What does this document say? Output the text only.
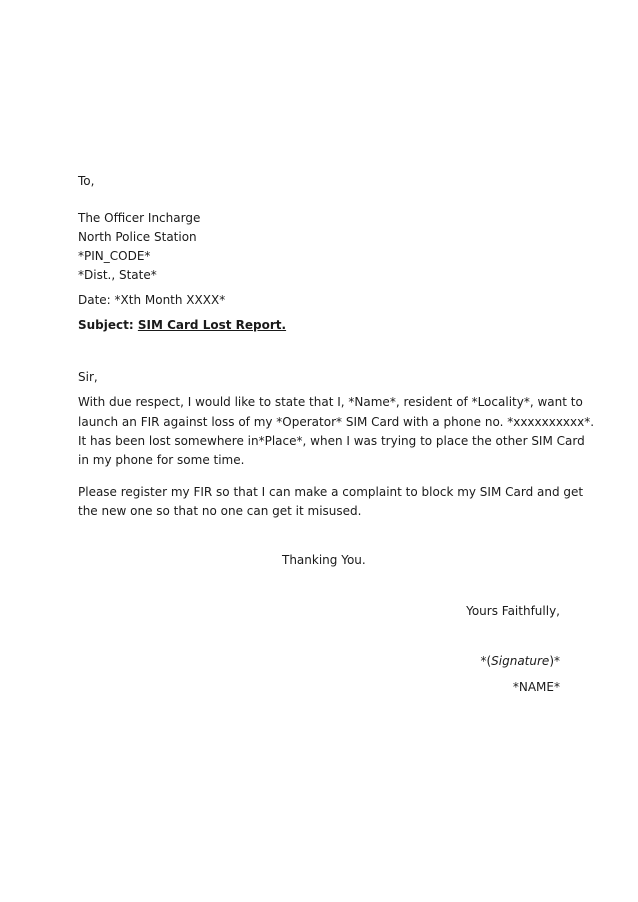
To,
The Officer Incharge
North Police Station
*PIN_CODE*
*Dist., State*
Date: *Xth Month XXXX*
Subject: SIM Card Lost Report.
Sir,
With due respect, I would like to state that I, *Name*, resident of *Locality*, want to
launch an FIR against loss of my *Operator* SIM Card with a phone no. *xxxxxxxxxx*.
It has been lost somewhere in*Place*, when I was trying to place the other SIM Card
in my phone for some time.
Please register my FIR so that I can make a complaint to block my SIM Card and get
the new one so that no one can get it misused.
Thanking You.
Yours Faithfully,
*(Signature)*
*NAME*
